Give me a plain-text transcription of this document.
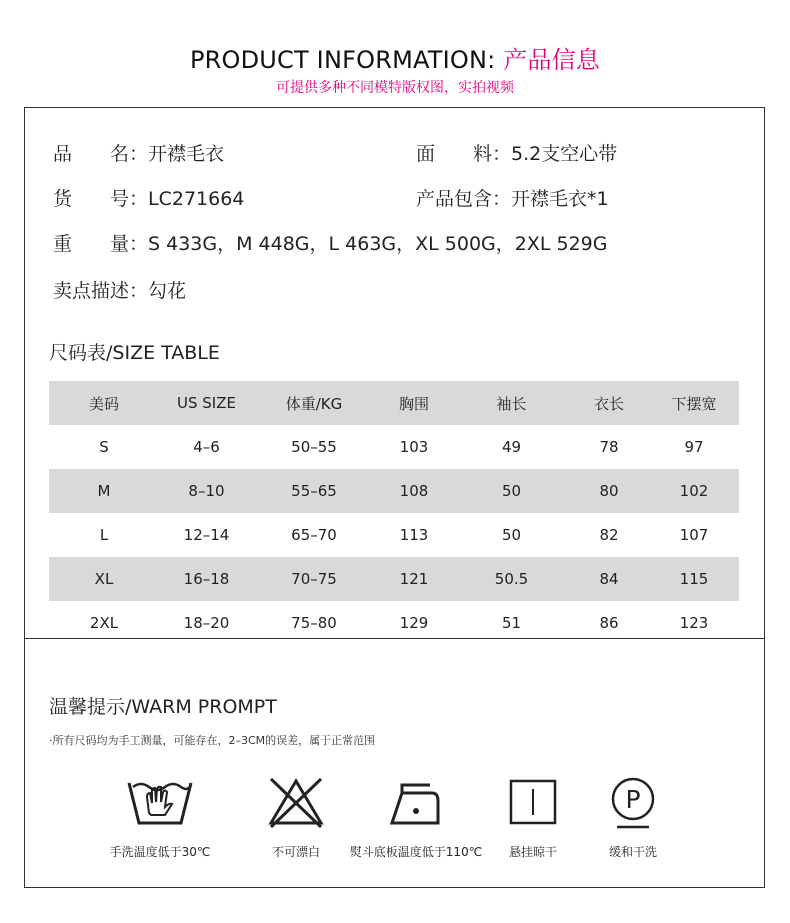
PRODUCT INFORMATION: 产品信息
可提供多种不同模特版权图，实拍视频
品　　名：开襟毛衣	面　　料：5.2支空心带
货　　号：LC271664	产品包含：开襟毛衣*1
重　　量：S 433G，M 448G，L 463G，XL 500G，2XL 529G
卖点描述：勾花
尺码表/SIZE TABLE
美码	US SIZE	体重/KG	胸围	袖长	衣长	下摆宽
S	4–6	50–55	103	49	78	97
M	8–10	55–65	108	50	80	102
L	12–14	65–70	113	50	82	107
XL	16–18	70–75	121	50.5	84	115
2XL	18–20	75–80	129	51	86	123
温馨提示/WARM PROMPT
·所有尺码均为手工测量，可能存在，2–3CM的误差，属于正常范围
手洗温度低于30℃	不可漂白	熨斗底板温度低于110℃	悬挂晾干
P
缓和干洗
